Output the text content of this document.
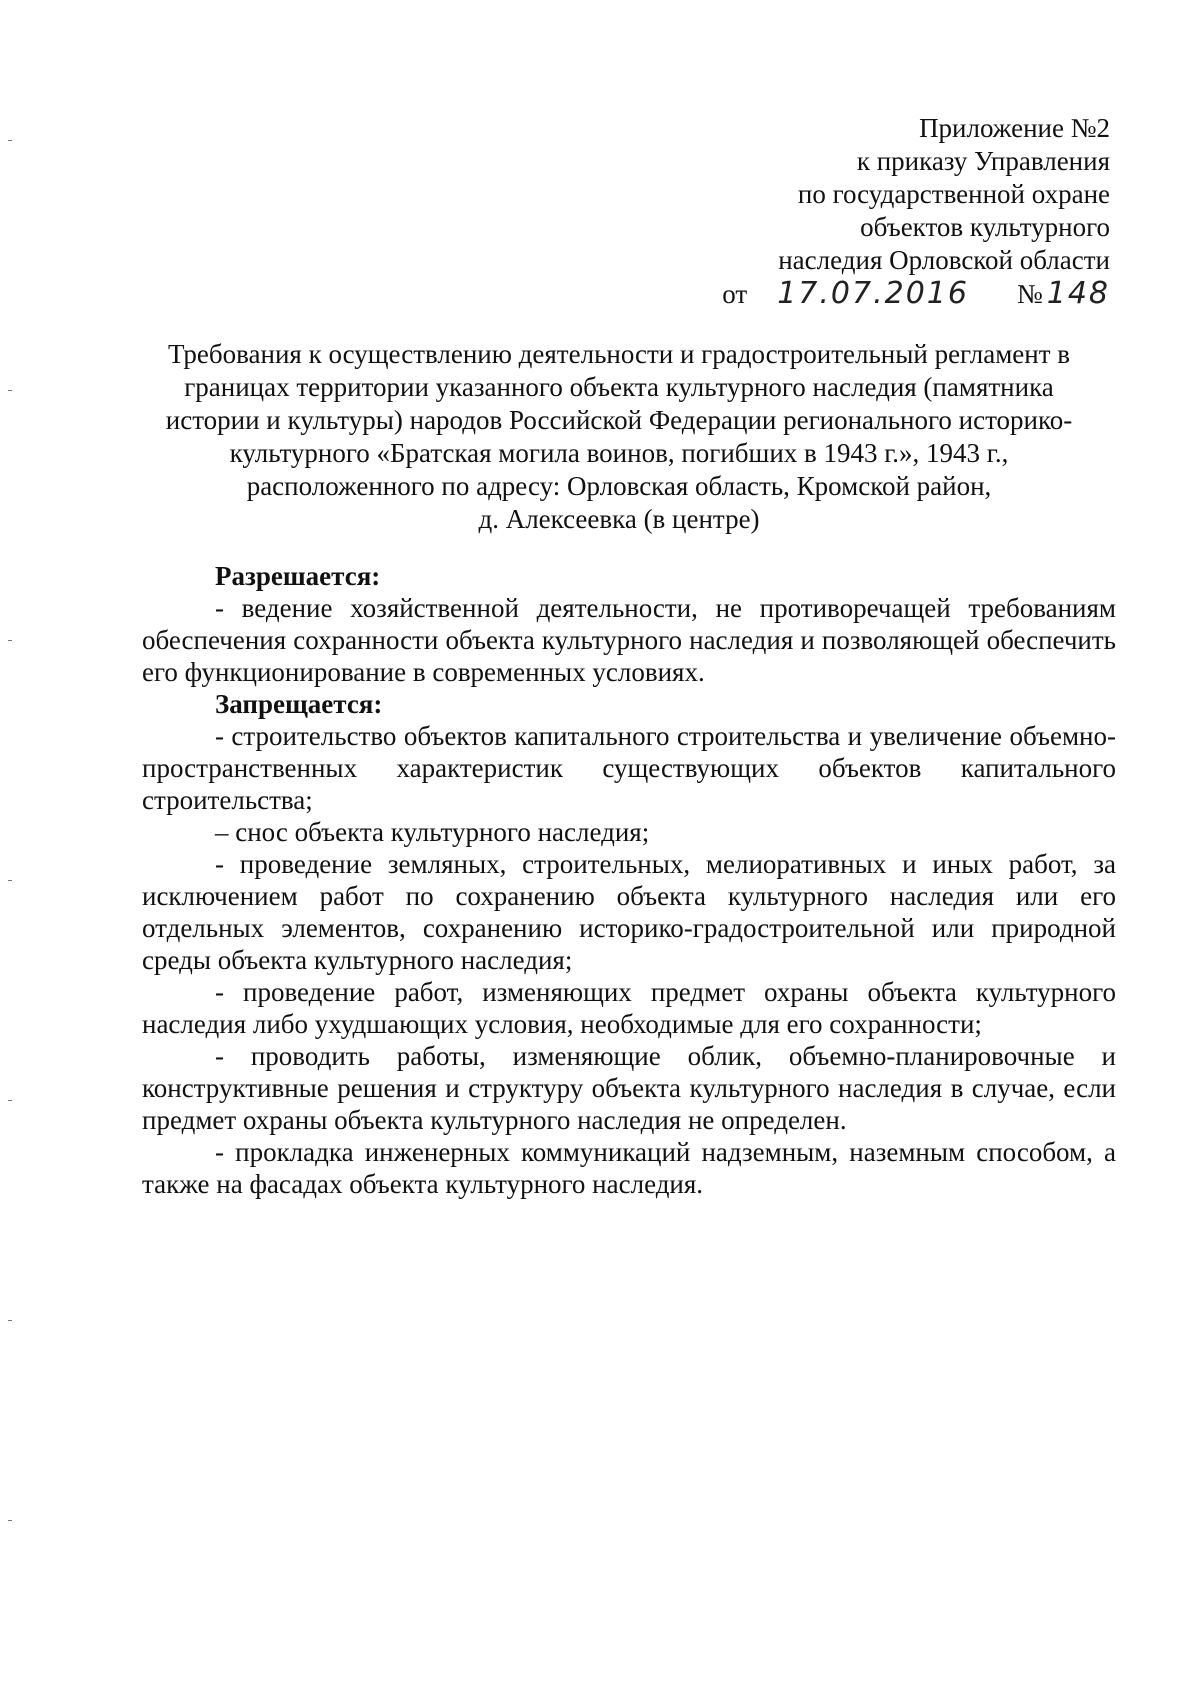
Приложение №2
к приказу Управления
по государственной охране
объектов культурного
наследия Орловской области
от 17.07.2016 № 148
Требования к осуществлению деятельности и градостроительный регламент в
границах территории указанного объекта культурного наследия (памятника
истории и культуры) народов Российской Федерации регионального историко-
культурного «Братская могила воинов, погибших в 1943 г.», 1943 г.,
расположенного по адресу: Орловская область, Кромской район,
д. Алексеевка (в центре)
Разрешается:

- ведение хозяйственной деятельности, не противоречащей требованиям обеспечения сохранности объекта культурного наследия и позволяющей обеспечить его функционирование в современных условиях.

Запрещается:

- строительство объектов капитального строительства и увеличение объемно-пространственных характеристик существующих объектов капитального строительства;

– снос объекта культурного наследия;

- проведение земляных, строительных, мелиоративных и иных работ, за исключением работ по сохранению объекта культурного наследия или его отдельных элементов, сохранению историко-градостроительной или природной среды объекта культурного наследия;

- проведение работ, изменяющих предмет охраны объекта культурного наследия либо ухудшающих условия, необходимые для его сохранности;

- проводить работы, изменяющие облик, объемно-планировочные и конструктивные решения и структуру объекта культурного наследия в случае, если предмет охраны объекта культурного наследия не определен.

- прокладка инженерных коммуникаций надземным, наземным способом, а также на фасадах объекта культурного наследия.
